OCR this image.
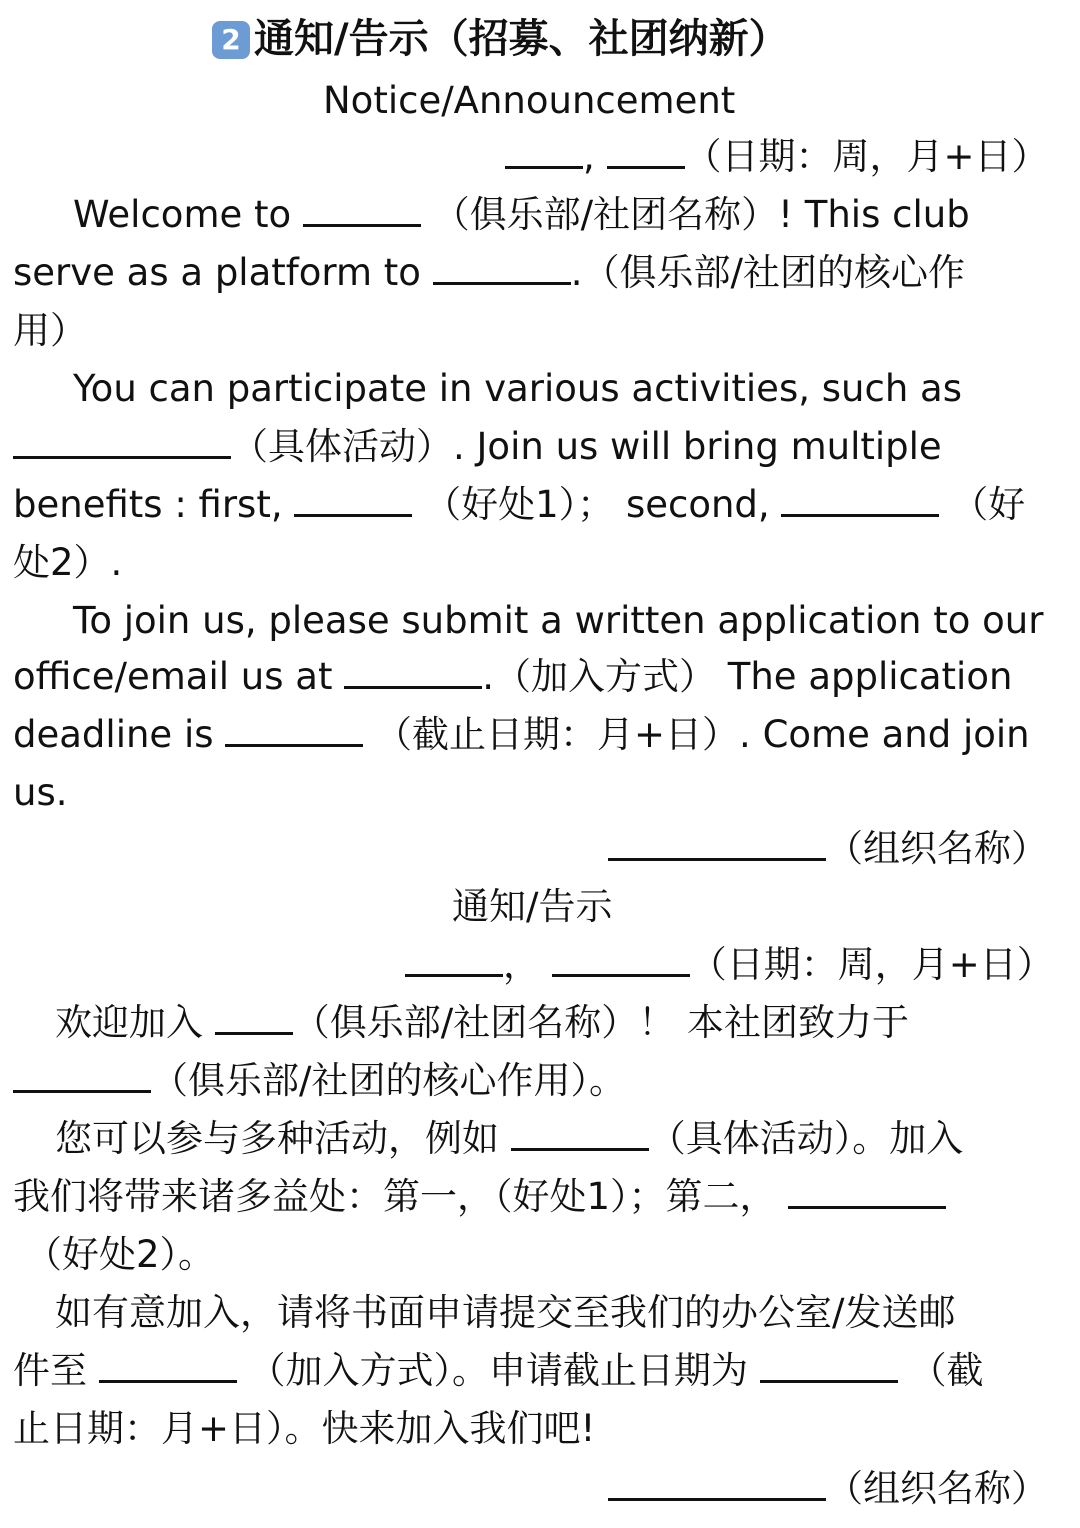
2 通知/告示（招募、社团纳新）
Notice/Announcement
, （日期：周，月+日）
Welcome to	（俱乐部/社团名称）! This club
serve as a platform to	.（俱乐部/社团的核心作
用）
You can participate in various activities, such as
（具体活动）. Join us will bring multiple
benefits : first,	（好处1）； second,	（好
处2）.
To join us, please submit a written application to our
office/email us at	.（加入方式） The application
deadline is	（截止日期：月+日）. Come and join
us.
（组织名称）
通知/告示
，	（日期：周，月+日）
欢迎加入 （俱乐部/社团名称）！ 本社团致力于
（俱乐部/社团的核心作用）。
您可以参与多种活动，例如	（具体活动）。加入
我们将带来诸多益处：第一，（好处1）；第二，
（好处2）。
如有意加入，请将书面申请提交至我们的办公室/发送邮
件至	（加入方式）。申请截止日期为	（截
止日期：月+日）。快来加入我们吧!
（组织名称）
